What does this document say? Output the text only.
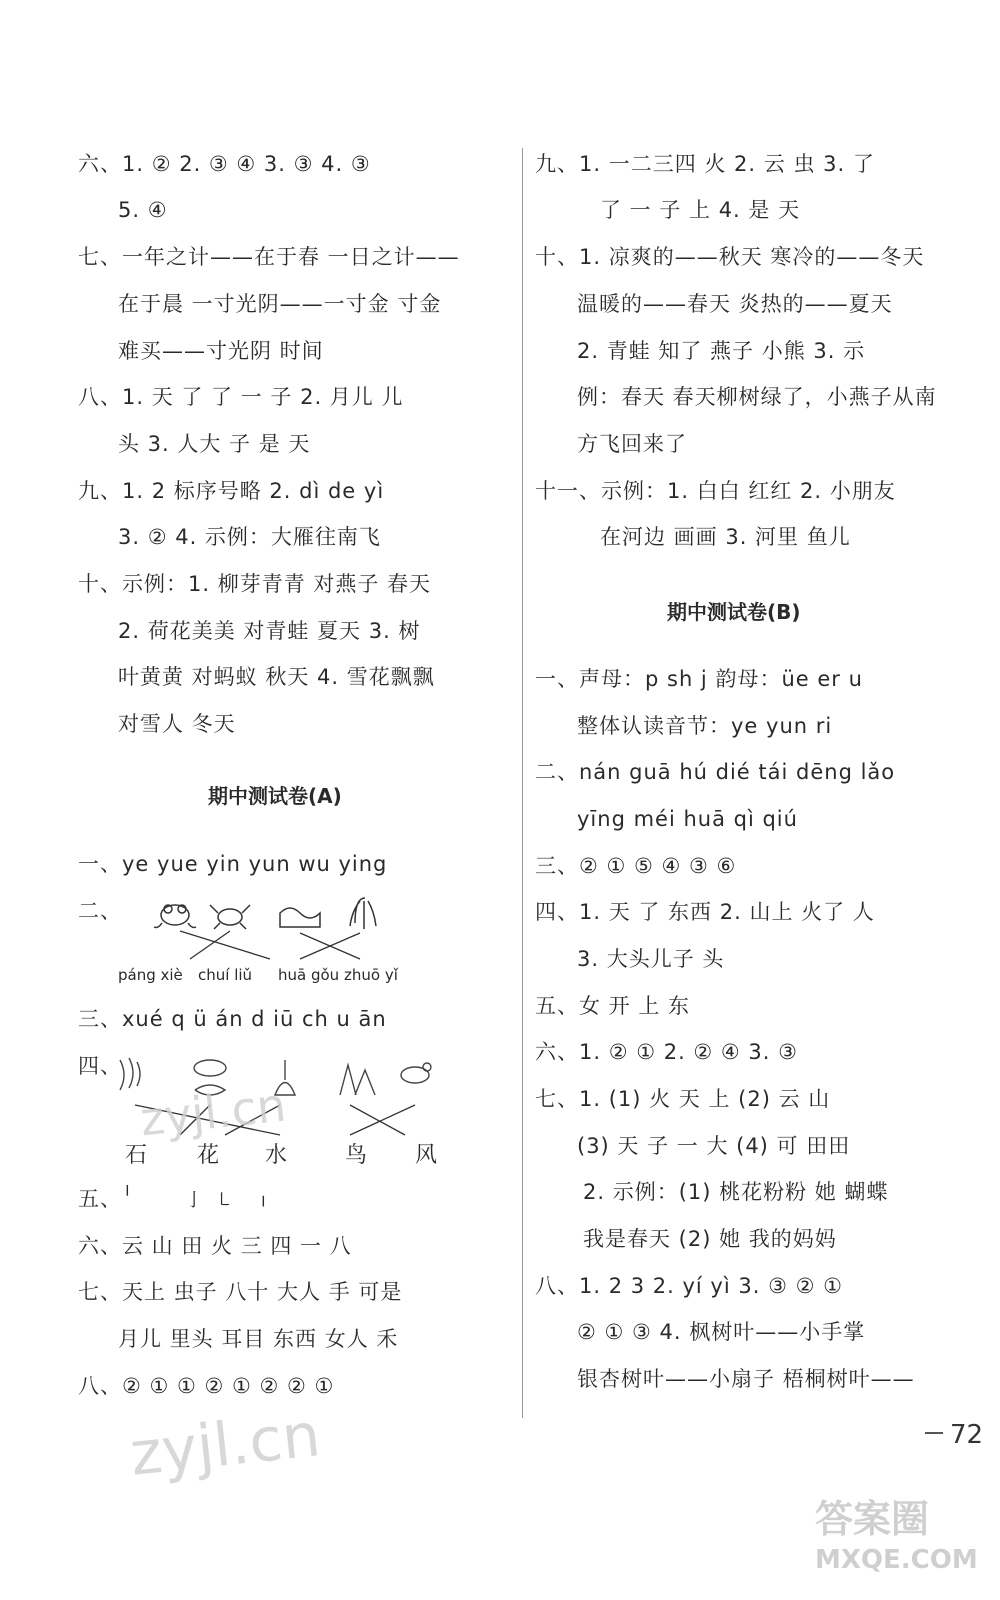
六、1. ② 2. ③ ④ 3. ③ 4. ③
5. ④
七、一年之计——在于春 一日之计——
在于晨 一寸光阴——一寸金 寸金
难买——寸光阴 时间
八、1. 天 了 了 一 子 2. 月儿 儿
头 3. 人大 子 是 天
九、1. 2 标序号略 2. dì de yì
3. ② 4. 示例：大雁往南飞
十、示例：1. 柳芽青青 对燕子 春天
2. 荷花美美 对青蛙 夏天 3. 树
叶黄黄 对蚂蚁 秋天 4. 雪花飘飘
对雪人 冬天
期中测试卷(A)
一、ye yue yin yun wu ying
二、
páng xiè chuí liǔ huā gǒu zhuō yǐ
三、xué q ü án d iū ch u ān
四、
石 花 水	鸟 风
五、 ╵	亅 ㇄ ╷
六、云 山 田 火 三 四 一 八
七、天上 虫子 八十 大人 手 可是
月儿 里头 耳目 东西 女人 禾
八、② ① ① ② ① ② ② ①
九、1. 一二三四 火 2. 云 虫 3. 了
了 一 子 上 4. 是 天
十、1. 凉爽的——秋天 寒冷的——冬天
温暖的——春天 炎热的——夏天
2. 青蛙 知了 燕子 小熊 3. 示
例：春天 春天柳树绿了，小燕子从南
方飞回来了
十一、示例：1. 白白 红红 2. 小朋友
在河边 画画 3. 河里 鱼儿
期中测试卷(B)
一、声母：p sh j 韵母：üe er u
整体认读音节：ye yun ri
二、nán guā hú dié tái dēng lǎo
yīng méi huā qì qiú
三、② ① ⑤ ④ ③ ⑥
四、1. 天 了 东西 2. 山上 火了 人
3. 大头儿子 头
五、女 开 上 东
六、1. ② ① 2. ② ④ 3. ③
七、1. (1) 火 天 上 (2) 云 山
(3) 天 子 一 大 (4) 可 田田
2. 示例：(1) 桃花粉粉 她 蝴蝶
我是春天 (2) 她 我的妈妈
八、1. 2 3 2. yí yì 3. ③ ② ①
② ① ③ 4. 枫树叶——小手掌
银杏树叶——小扇子 梧桐树叶——
72
zyjl.cn
zyjl.cn
答案圈
MXQE.COM
